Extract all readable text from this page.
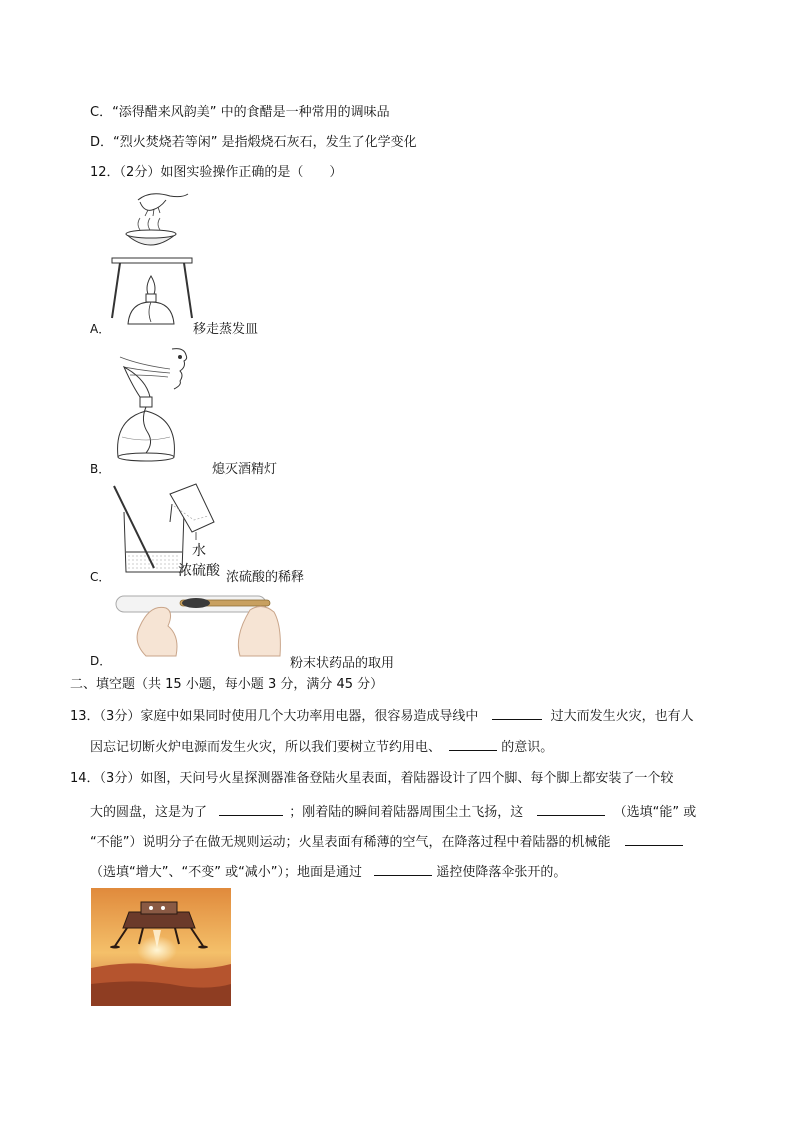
C．“添得醋来风韵美” 中的食醋是一种常用的调味品
D．“烈火焚烧若等闲” 是指煅烧石灰石，发生了化学变化
12．（2分）如图实验操作正确的是（　　）
A．	移走蒸发皿
B．	熄灭酒精灯
水
浓硫酸
C．	浓硫酸的稀释
D．	粉末状药品的取用
二、填空题（共 15 小题，每小题 3 分，满分 45 分）
13．（3分）家庭中如果同时使用几个大功率用电器，很容易造成导线中	过大而发生火灾，也有人
因忘记切断火炉电源而发生火灾，所以我们要树立节约用电、	的意识。
14．（3分）如图，天问号火星探测器准备登陆火星表面，着陆器设计了四个脚、每个脚上都安装了一个较
大的圆盘，这是为了	；刚着陆的瞬间着陆器周围尘土飞扬，这	（选填“能” 或
“不能”）说明分子在做无规则运动；火星表面有稀薄的空气，在降落过程中着陆器的机械能
（选填“增大”、“不变” 或“减小”）；地面是通过	遥控使降落伞张开的。
